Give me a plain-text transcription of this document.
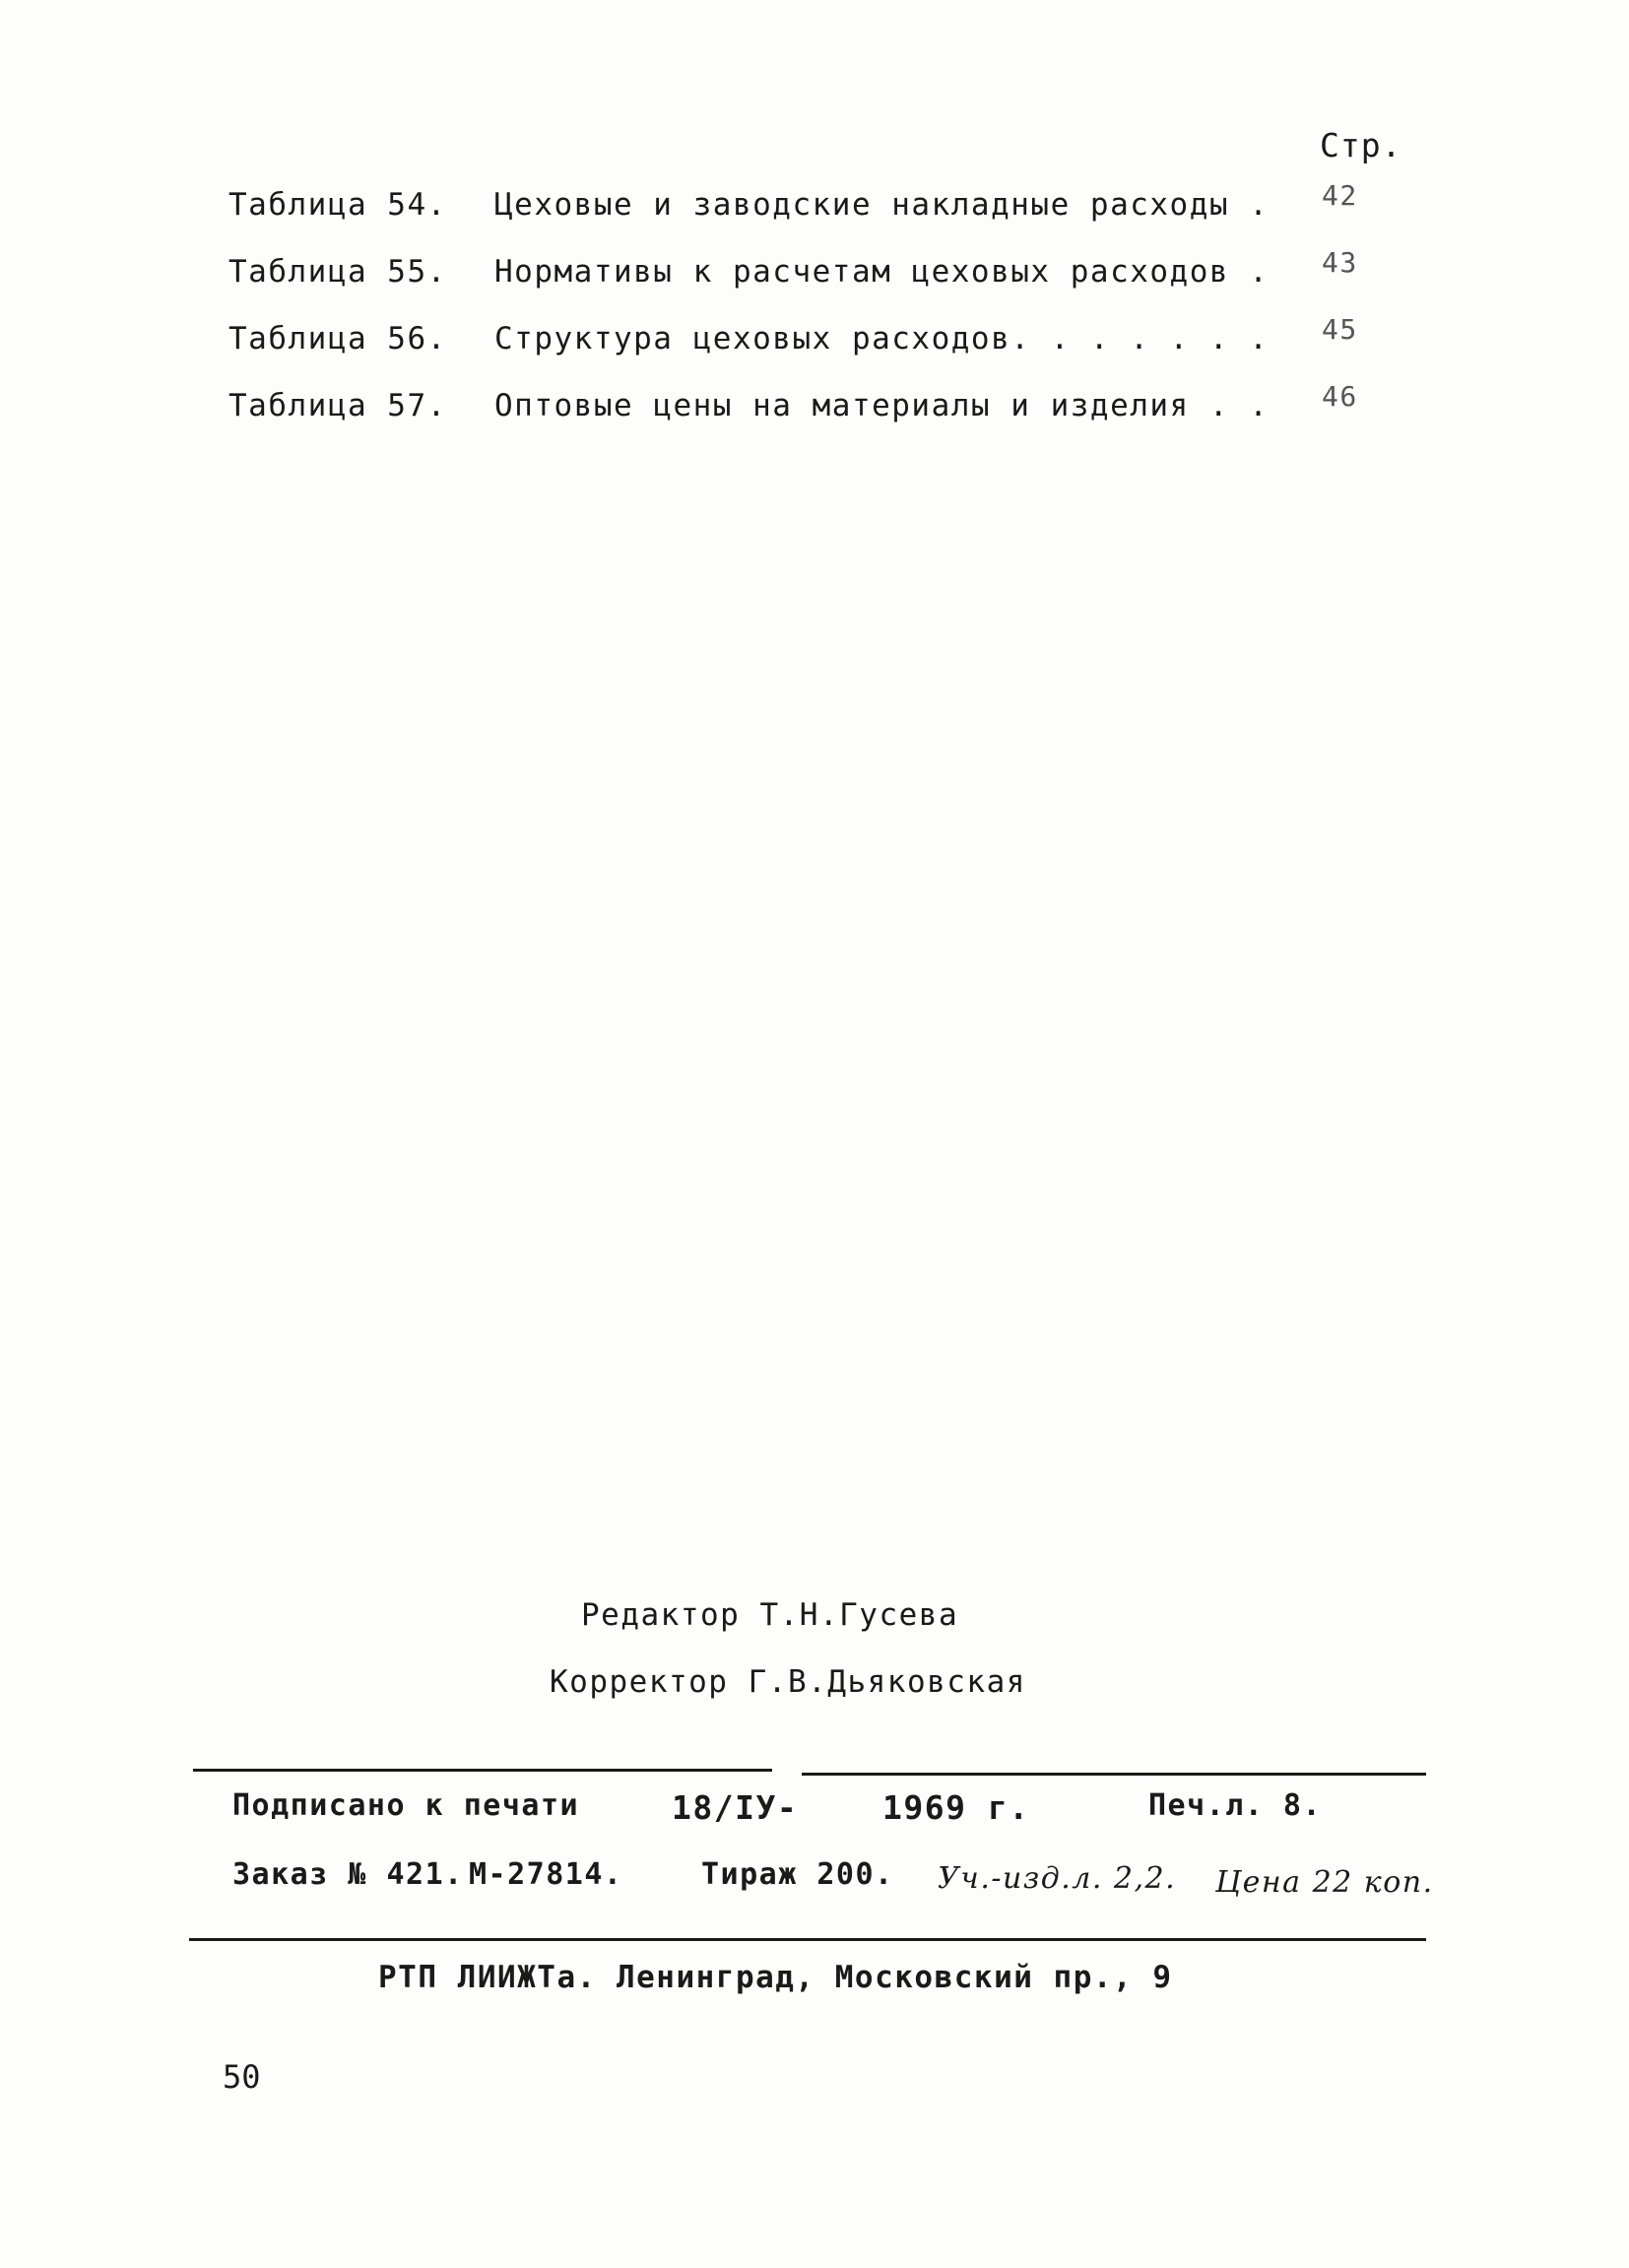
Стр.
Таблица 54. Цеховые и заводские накладные расходы . 42
Таблица 55. Нормативы к расчетам цеховых расходов . 43
Таблица 56. Структура цеховых расходов. . . . . . . 45
Таблица 57. Оптовые цены на материалы и изделия . . 46
Редактор Т.Н.Гусева
Корректор Г.В.Дьяковская
Подписано к печати	18/IУ-	1969 г.	Печ.л. 8.
Заказ № 421. М-27814.	Тираж 200. Уч.-изд.л. 2,2. Цена 22 коп.
РТП ЛИИЖТа. Ленинград, Московский пр., 9
50
